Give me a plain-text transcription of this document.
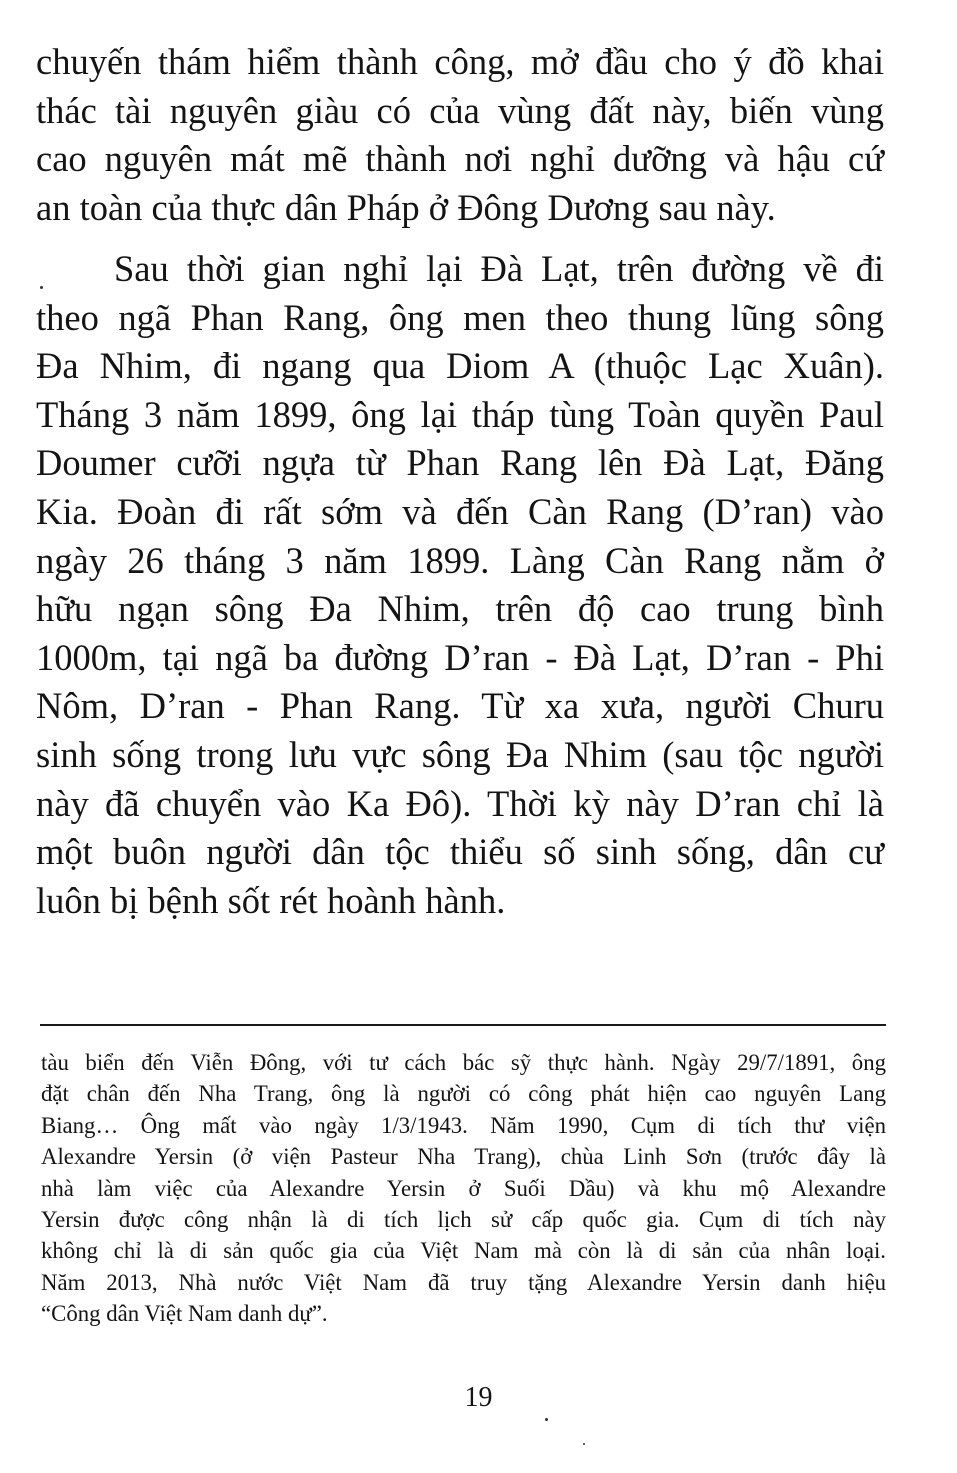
chuyến thám hiểm thành công, mở đầu cho ý đồ khai
thác tài nguyên giàu có của vùng đất này, biến vùng
cao nguyên mát mẽ thành nơi nghỉ dưỡng và hậu cứ
an toàn của thực dân Pháp ở Đông Dương sau này.
Sau thời gian nghỉ lại Đà Lạt, trên đường về đi
theo ngã Phan Rang, ông men theo thung lũng sông
Đa Nhim, đi ngang qua Diom A (thuộc Lạc Xuân).
Tháng 3 năm 1899, ông lại tháp tùng Toàn quyền Paul
Doumer cưỡi ngựa từ Phan Rang lên Đà Lạt, Đăng
Kia. Đoàn đi rất sớm và đến Càn Rang (D’ran) vào
ngày 26 tháng 3 năm 1899. Làng Càn Rang nằm ở
hữu ngạn sông Đa Nhim, trên độ cao trung bình
1000m, tại ngã ba đường D’ran - Đà Lạt, D’ran - Phi
Nôm, D’ran - Phan Rang. Từ xa xưa, người Churu
sinh sống trong lưu vực sông Đa Nhim (sau tộc người
này đã chuyển vào Ka Đô). Thời kỳ này D’ran chỉ là
một buôn người dân tộc thiểu số sinh sống, dân cư
luôn bị bệnh sốt rét hoành hành.
tàu biển đến Viễn Đông, với tư cách bác sỹ thực hành. Ngày 29/7/1891, ông
đặt chân đến Nha Trang, ông là người có công phát hiện cao nguyên Lang
Biang… Ông mất vào ngày 1/3/1943. Năm 1990, Cụm di tích thư viện
Alexandre Yersin (ở viện Pasteur Nha Trang), chùa Linh Sơn (trước đây là
nhà làm việc của Alexandre Yersin ở Suối Dầu) và khu mộ Alexandre
Yersin được công nhận là di tích lịch sử cấp quốc gia. Cụm di tích này
không chỉ là di sản quốc gia của Việt Nam mà còn là di sản của nhân loại.
Năm 2013, Nhà nước Việt Nam đã truy tặng Alexandre Yersin danh hiệu
“Công dân Việt Nam danh dự”.
19
